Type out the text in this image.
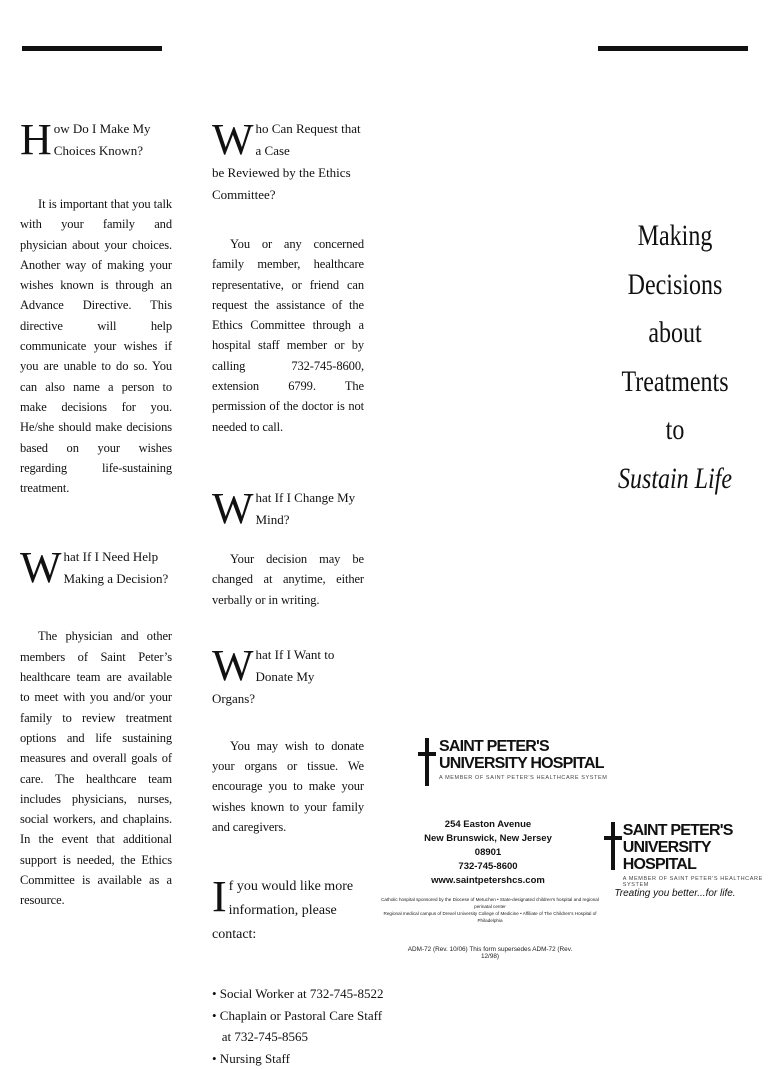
H ow Do I Make My
Choices Known?

It is important that you talk with your family and physician about your choices. Another way of making your wishes known is through an Advance Directive. This directive will help communicate your wishes if you are unable to do so. You can also name a person to make decisions for you. He/she should make decisions based on your wishes regarding life-sustaining treatment.

W hat If I Need Help
Making a Decision?

The physician and other members of Saint Peter’s healthcare team are available to meet with you and/or your family to review treatment options and life sustaining measures and overall goals of care. The healthcare team includes physicians, nurses, social workers, and chaplains. In the event that additional support is needed, the Ethics Committee is available as a resource.

W ho Can Request that a Case
be Reviewed by the Ethics
Committee?

You or any concerned family member, healthcare representative, or friend can request the assistance of the Ethics Committee through a hospital staff member or by calling 732-745-8600, extension 6799. The permission of the doctor is not needed to call.

W hat If I Change My Mind?

Your decision may be changed at anytime, either verbally or in writing.

W hat If I Want to Donate My
Organs?

You may wish to donate your organs or tissue. We encourage you to make your wishes known to your family and caregivers.

I f you would like more
information, please contact:
• Social Worker at 732-745-8522
• Chaplain or Pastoral Care Staff
at 732-745-8565
• Nursing Staff
SAINT PETER'S
UNIVERSITY HOSPITAL
A MEMBER OF SAINT PETER'S HEALTHCARE SYSTEM
254 Easton Avenue
New Brunswick, New Jersey 08901
732-745-8600
www.saintpetershcs.com
Catholic hospital sponsored by the Diocese of Metuchen • State-designated children's hospital and regional perinatal center
Regional medical campus of Drexel University College of Medicine • Affiliate of The Children's Hospital of Philadelphia
ADM-72 (Rev. 10/06) This form supersedes ADM-72 (Rev. 12/98)
Making
Decisions
about
Treatments
to
Sustain Life
SAINT PETER'S
UNIVERSITY HOSPITAL
A MEMBER OF SAINT PETER'S HEALTHCARE SYSTEM
Treating you better...for life.
